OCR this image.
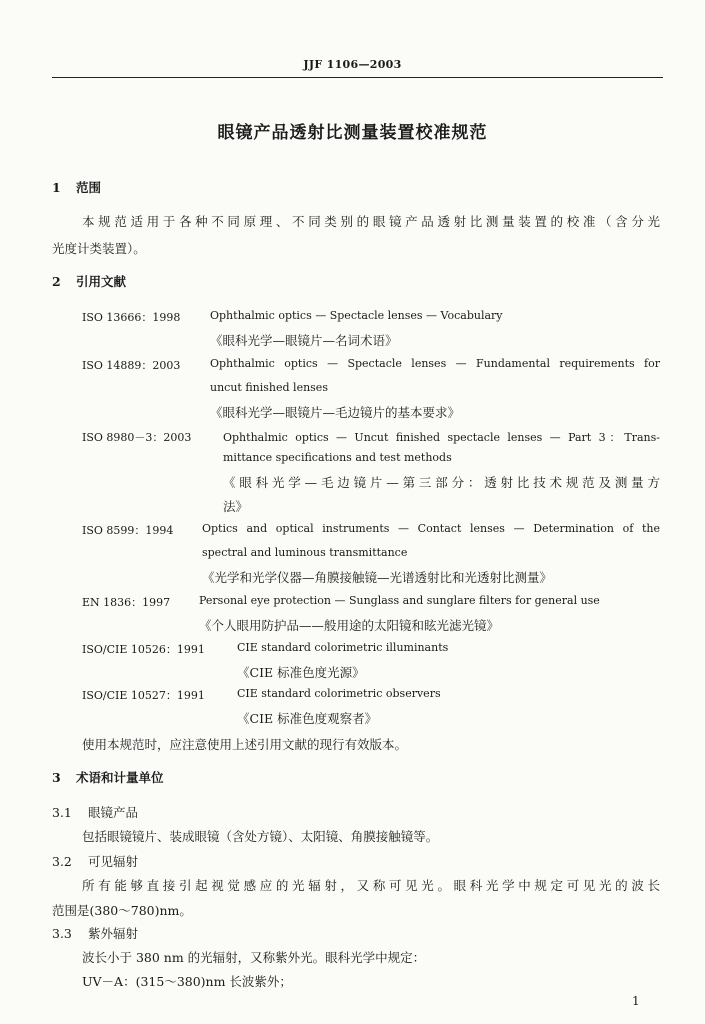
JJF 1106—2003
眼镜产品透射比测量装置校准规范
1 范围
本规范适用于各种不同原理、不同类别的眼镜产品透射比测量装置的校准（含分光
光度计类装置）。
2 引用文献
ISO 13666：1998	Ophthalmic optics — Spectacle lenses — Vocabulary
《眼科光学—眼镜片—名词术语》
ISO 14889：2003	Ophthalmic optics — Spectacle lenses — Fundamental requirements for
uncut finished lenses
《眼科光学—眼镜片—毛边镜片的基本要求》
ISO 8980－3：2003	Ophthalmic optics — Uncut finished spectacle lenses — Part 3：Trans-
mittance specifications and test methods
《眼科光学—毛边镜片—第三部分：透射比技术规范及测量方
法》
ISO 8599：1994	Optics and optical instruments — Contact lenses — Determination of the
spectral and luminous transmittance
《光学和光学仪器—角膜接触镜—光谱透射比和光透射比测量》
EN 1836：1997	Personal eye protection — Sunglass and sunglare filters for general use
《个人眼用防护品——般用途的太阳镜和眩光滤光镜》
ISO/CIE 10526：1991	CIE standard colorimetric illuminants
《CIE 标准色度光源》
ISO/CIE 10527：1991	CIE standard colorimetric observers
《CIE 标准色度观察者》
使用本规范时，应注意使用上述引用文献的现行有效版本。
3 术语和计量单位
3.1 眼镜产品
包括眼镜镜片、装成眼镜（含处方镜）、太阳镜、角膜接触镜等。
3.2 可见辐射
所有能够直接引起视觉感应的光辐射，又称可见光。眼科光学中规定可见光的波长
范围是(380～780)nm。
3.3 紫外辐射
波长小于 380 nm 的光辐射，又称紫外光。眼科光学中规定：
UV－A：(315～380)nm 长波紫外；
1
